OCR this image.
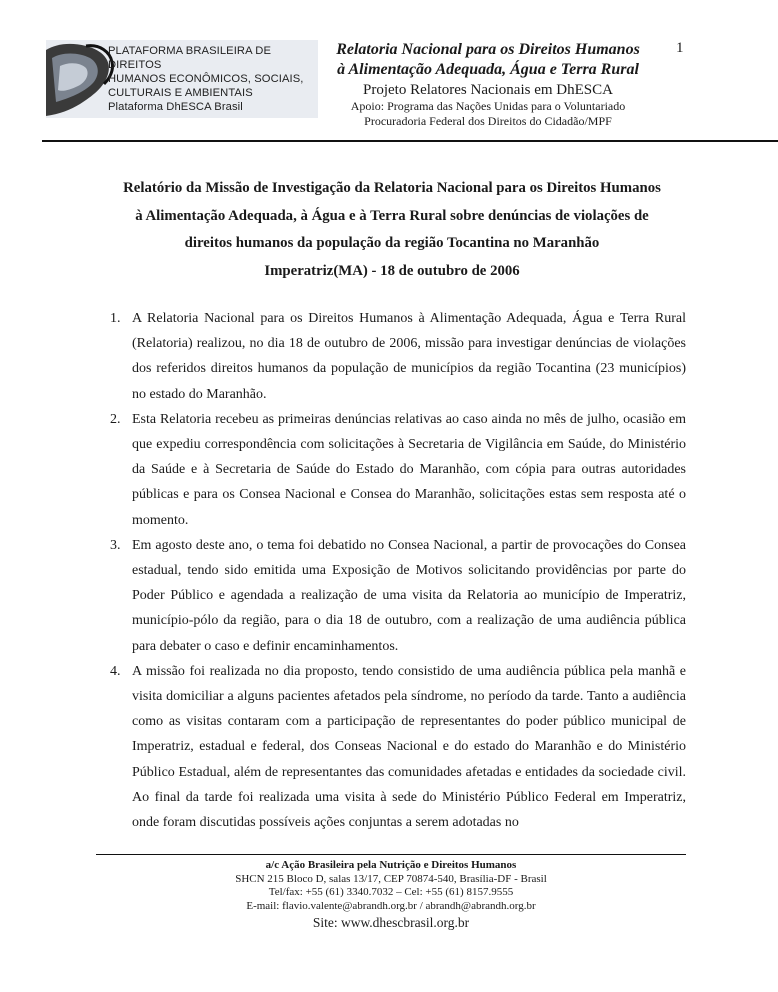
PLATAFORMA BRASILEIRA DE DIREITOS
HUMANOS ECONÔMICOS, SOCIAIS,
CULTURAIS E AMBIENTAIS
Plataforma DhESCA Brasil
Relatoria Nacional para os Direitos Humanos
à Alimentação Adequada, Água e Terra Rural
Projeto Relatores Nacionais em DhESCA
Apoio: Programa das Nações Unidas para o Voluntariado
Procuradoria Federal dos Direitos do Cidadão/MPF
1
Relatório da Missão de Investigação da Relatoria Nacional para os Direitos Humanos
à Alimentação Adequada, à Água e à Terra Rural sobre denúncias de violações de
direitos humanos da população da região Tocantina no Maranhão
Imperatriz(MA) - 18 de outubro de 2006
1. A Relatoria Nacional para os Direitos Humanos à Alimentação Adequada, Água e Terra Rural (Relatoria) realizou, no dia 18 de outubro de 2006, missão para investigar denúncias de violações dos referidos direitos humanos da população de municípios da região Tocantina (23 municípios) no estado do Maranhão.
2. Esta Relatoria recebeu as primeiras denúncias relativas ao caso ainda no mês de julho, ocasião em que expediu correspondência com solicitações à Secretaria de Vigilância em Saúde, do Ministério da Saúde e à Secretaria de Saúde do Estado do Maranhão, com cópia para outras autoridades públicas e para os Consea Nacional e Consea do Maranhão, solicitações estas sem resposta até o momento.
3. Em agosto deste ano, o tema foi debatido no Consea Nacional, a partir de provocações do Consea estadual, tendo sido emitida uma Exposição de Motivos solicitando providências por parte do Poder Público e agendada a realização de uma visita da Relatoria ao município de Imperatriz, município-pólo da região, para o dia 18 de outubro, com a realização de uma audiência pública para debater o caso e definir encaminhamentos.
4. A missão foi realizada no dia proposto, tendo consistido de uma audiência pública pela manhã e visita domiciliar a alguns pacientes afetados pela síndrome, no período da tarde. Tanto a audiência como as visitas contaram com a participação de representantes do poder público municipal de Imperatriz, estadual e federal, dos Conseas Nacional e do estado do Maranhão e do Ministério Público Estadual, além de representantes das comunidades afetadas e entidades da sociedade civil. Ao final da tarde foi realizada uma visita à sede do Ministério Público Federal em Imperatriz, onde foram discutidas possíveis ações conjuntas a serem adotadas no
a/c Ação Brasileira pela Nutrição e Direitos Humanos
SHCN 215 Bloco D, salas 13/17, CEP 70874-540, Brasília-DF - Brasil
Tel/fax: +55 (61) 3340.7032 – Cel: +55 (61) 8157.9555
E-mail: flavio.valente@abrandh.org.br / abrandh@abrandh.org.br
Site: www.dhescbrasil.org.br
